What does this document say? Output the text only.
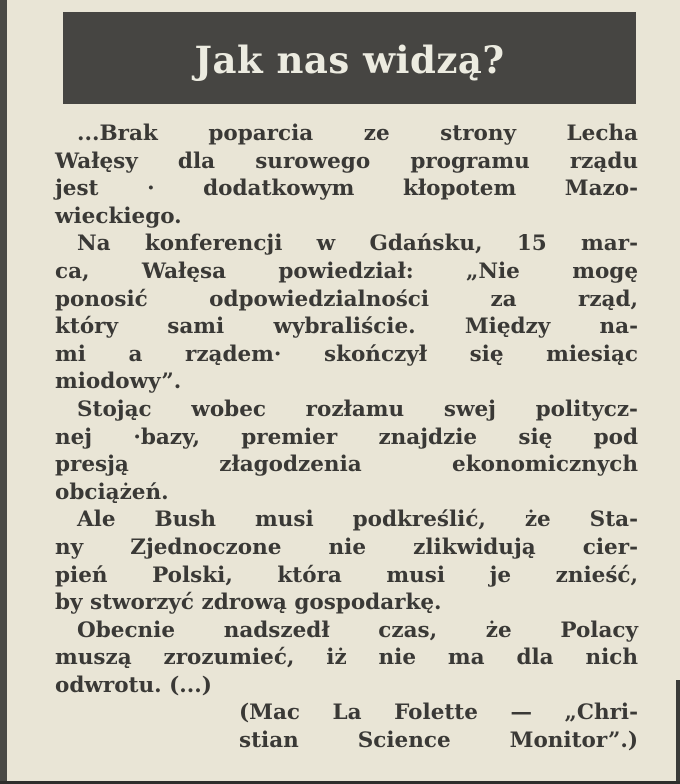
Jak nas widzą?
...Brak poparcia ze strony Lecha
Wałęsy dla surowego programu rządu
jest · dodatkowym kłopotem Mazo-
wieckiego.
Na konferencji w Gdańsku, 15 mar-
ca, Wałęsa powiedział: „Nie mogę
ponosić odpowiedzialności za rząd,
który sami wybraliście. Między na-
mi a rządem· skończył się miesiąc
miodowy”.
Stojąc wobec rozłamu swej politycz-
nej ·bazy, premier znajdzie się pod
presją złagodzenia ekonomicznych
obciążeń.
Ale Bush musi podkreślić, że Sta-
ny Zjednoczone nie zlikwidują cier-
pień Polski, która musi je znieść,
by stworzyć zdrową gospodarkę.
Obecnie nadszedł czas, że Polacy
muszą zrozumieć, iż nie ma dla nich
odwrotu. (...)
(Mac La Folette — „Chri-
stian Science Monitor”.)
